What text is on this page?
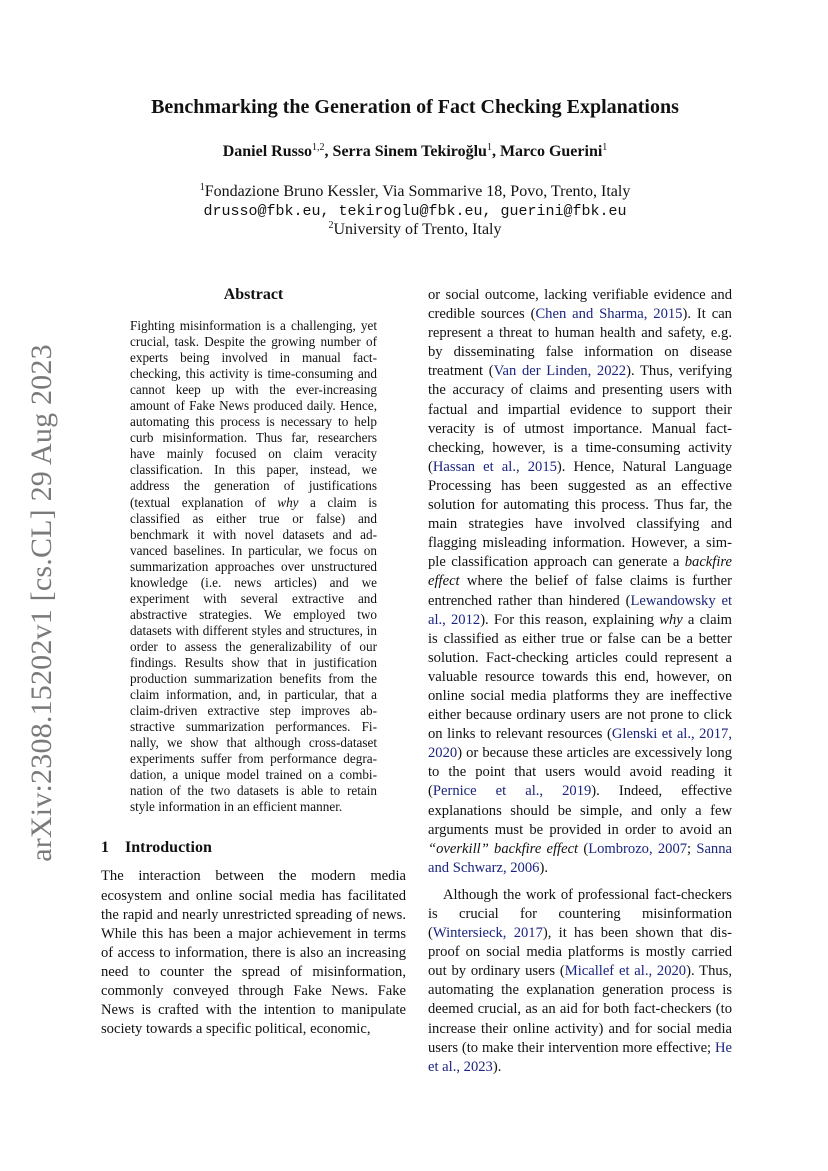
arXiv:2308.15202v1 [cs.CL] 29 Aug 2023
Benchmarking the Generation of Fact Checking Explanations
Daniel Russo$^{1,2}$, Serra Sinem Tekiroğlu$^1$, Marco Guerini$^1$
$^1$Fondazione Bruno Kessler, Via Sommarive 18, Povo, Trento, Italy
drusso@fbk.eu, tekiroglu@fbk.eu, guerini@fbk.eu
$^2$University of Trento, Italy
Abstract

Fighting misinformation is a challenging, yet crucial, task. Despite the growing number of experts being involved in manual fact-checking, this activity is time-consuming and cannot keep up with the ever-increasing amount of Fake News produced daily. Hence, automating this process is necessary to help curb misinformation. Thus far, researchers have mainly focused on claim veracity classification. In this paper, instead, we address the generation of justifications (textual explanation of why a claim is classified as either true or false) and benchmark it with novel datasets and advanced baselines. In particular, we focus on summarization approaches over unstructured knowledge (i.e. news articles) and we experiment with several extractive and abstractive strategies. We employed two datasets with different styles and structures, in order to assess the generalizability of our findings. Results show that in justification production summarization benefits from the claim information, and, in particular, that a claim-driven extractive step improves abstractive summarization performances. Finally, we show that although cross-dataset experiments suffer from performance degradation, a unique model trained on a combination of the two datasets is able to retain style information in an efficient manner.

1 Introduction

The interaction between the modern media ecosystem and online social media has facilitated the rapid and nearly unrestricted spreading of news. While this has been a major achievement in terms of access to information, there is also an increasing need to counter the spread of misinformation, commonly conveyed through Fake News. Fake News is crafted with the intention to manipulate society towards a specific political, economic,

or social outcome, lacking verifiable evidence and credible sources (Chen and Sharma, 2015). It can represent a threat to human health and safety, e.g. by disseminating false information on disease treatment (Van der Linden, 2022). Thus, verifying the accuracy of claims and presenting users with factual and impartial evidence to support their veracity is of utmost importance. Manual fact-checking, however, is a time-consuming activity (Hassan et al., 2015). Hence, Natural Language Processing has been suggested as an effective solution for automating this process. Thus far, the main strategies have involved classifying and flagging misleading information. However, a simple classification approach can generate a backfire effect where the belief of false claims is further entrenched rather than hindered (Lewandowsky et al., 2012). For this reason, explaining why a claim is classified as either true or false can be a better solution. Fact-checking articles could represent a valuable resource towards this end, however, on online social media platforms they are ineffective either because ordinary users are not prone to click on links to relevant resources (Glenski et al., 2017, 2020) or because these articles are excessively long to the point that users would avoid reading it (Pernice et al., 2019). Indeed, effective explanations should be simple, and only a few arguments must be provided in order to avoid an “overkill” backfire effect (Lombrozo, 2007; Sanna and Schwarz, 2006).

Although the work of professional fact-checkers is crucial for countering misinformation (Wintersieck, 2017), it has been shown that disproof on social media platforms is mostly carried out by ordinary users (Micallef et al., 2020). Thus, automating the explanation generation process is deemed crucial, as an aid for both fact-checkers (to increase their online activity) and for social media users (to make their intervention more effective; He et al., 2023).
